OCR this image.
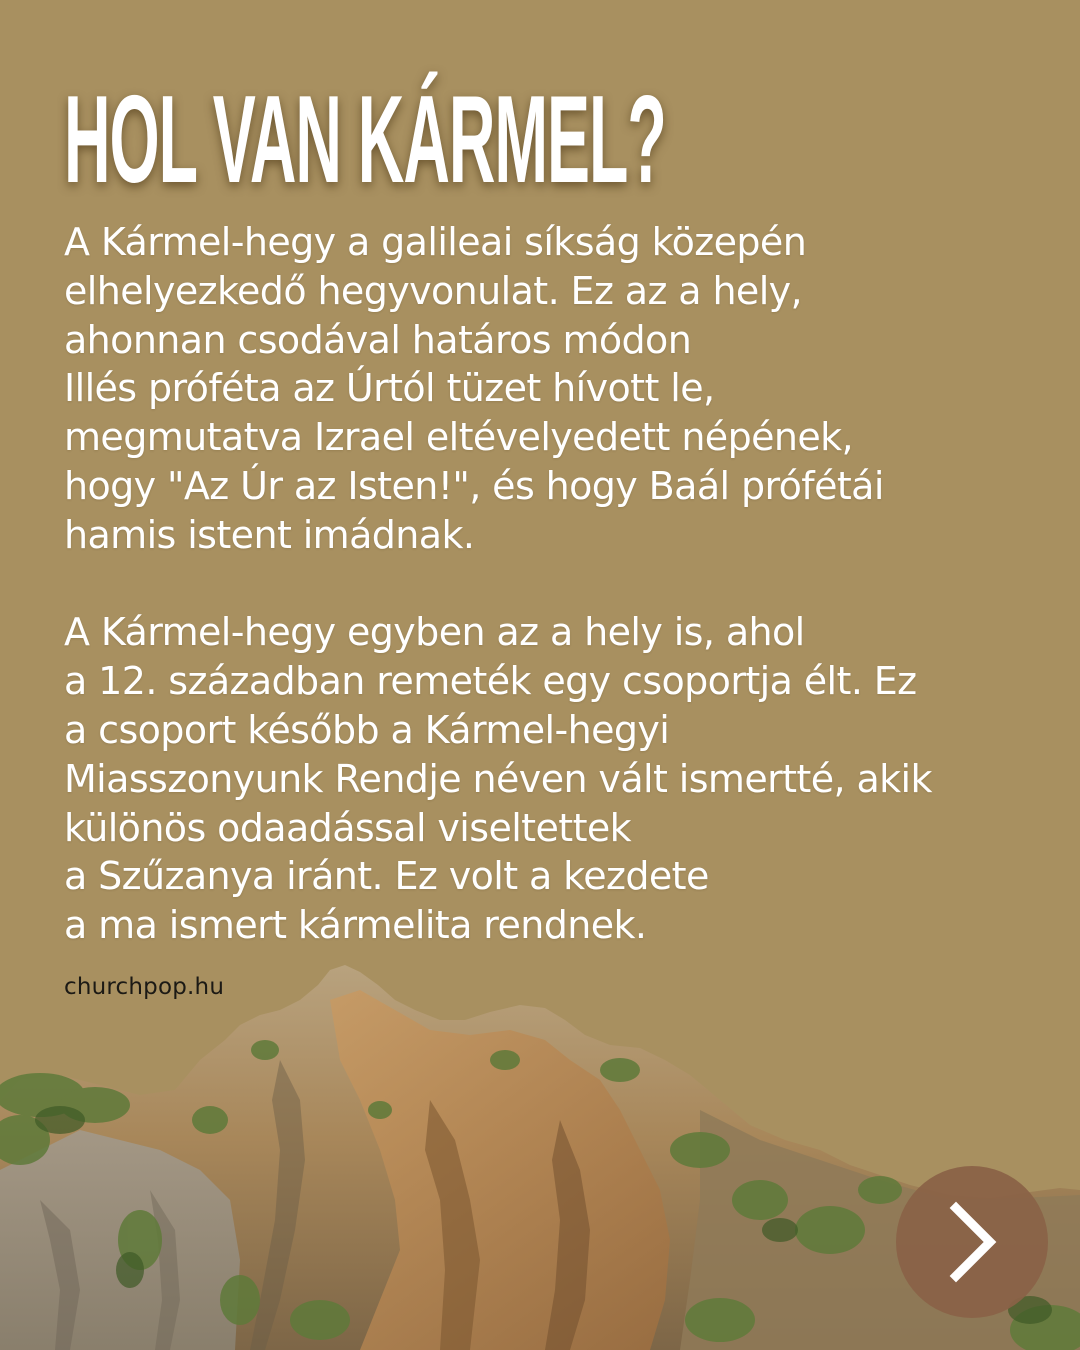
HOL VAN KÁRMEL?

A Kármel-hegy a galileai síkság közepén
elhelyezkedő hegyvonulat. Ez az a hely,
ahonnan csodával határos módon
Illés próféta az Úrtól tüzet hívott le,
megmutatva Izrael eltévelyedett népének,
hogy "Az Úr az Isten!", és hogy Baál prófétái
hamis istent imádnak.

A Kármel-hegy egyben az a hely is, ahol
a 12. században remeték egy csoportja élt. Ez
a csoport később a Kármel-hegyi
Miasszonyunk Rendje néven vált ismertté, akik
különös odaadással viseltettek
a Szűzanya iránt. Ez volt a kezdete
a ma ismert kármelita rendnek.

churchpop.hu
